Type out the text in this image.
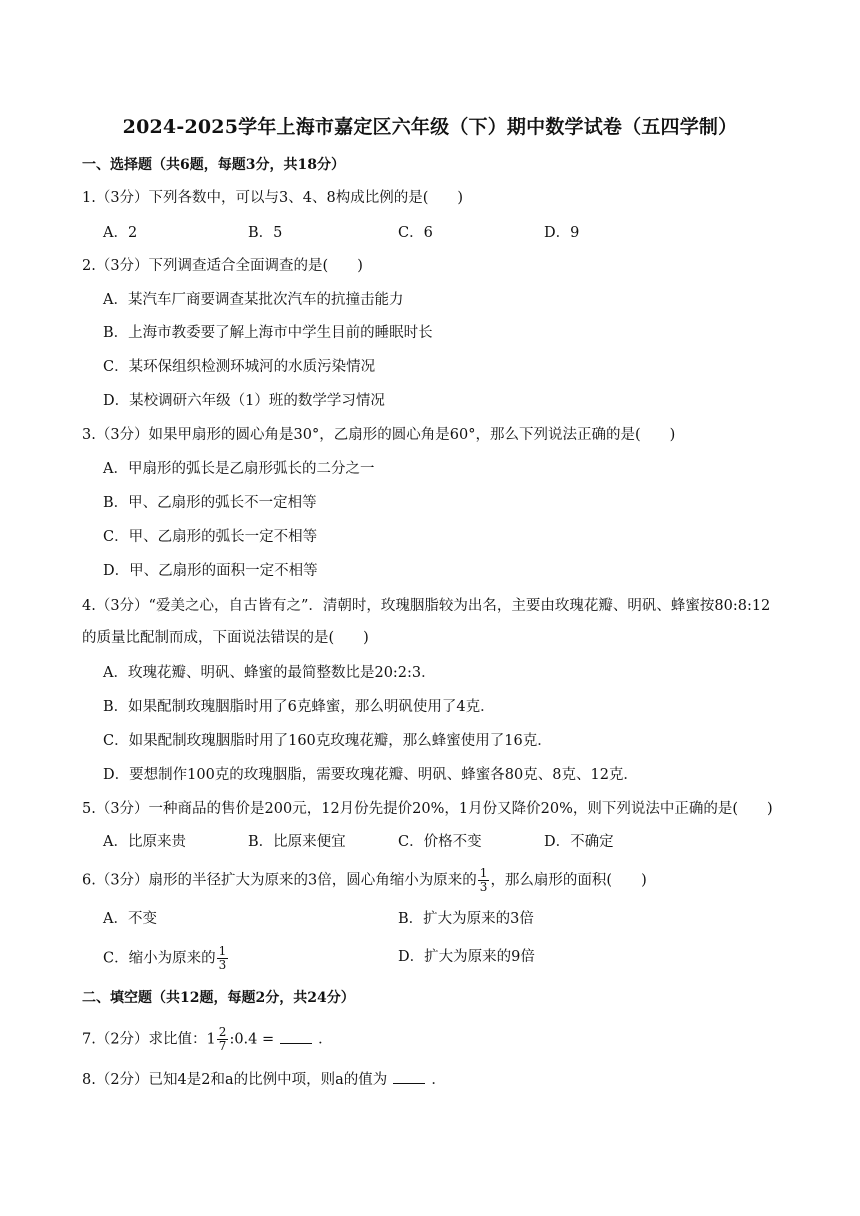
2024-2025学年上海市嘉定区六年级（下）期中数学试卷（五四学制）
一、选择题（共6题，每题3分，共18分）
1.（3分）下列各数中，可以与3、4、8构成比例的是(　　)
A．2	B．5	C．6	D．9
2.（3分）下列调查适合全面调查的是(　　)
A．某汽车厂商要调查某批次汽车的抗撞击能力
B．上海市教委要了解上海市中学生目前的睡眠时长
C．某环保组织检测环城河的水质污染情况
D．某校调研六年级（1）班的数学学习情况
3.（3分）如果甲扇形的圆心角是30°，乙扇形的圆心角是60°，那么下列说法正确的是(　　)
A．甲扇形的弧长是乙扇形弧长的二分之一
B．甲、乙扇形的弧长不一定相等
C．甲、乙扇形的弧长一定不相等
D．甲、乙扇形的面积一定不相等
4.（3分）“爱美之心，自古皆有之”．清朝时，玫瑰胭脂较为出名，主要由玫瑰花瓣、明矾、蜂蜜按80:8:12
的质量比配制而成，下面说法错误的是(　　)
A．玫瑰花瓣、明矾、蜂蜜的最简整数比是20:2:3．
B．如果配制玫瑰胭脂时用了6克蜂蜜，那么明矾使用了4克．
C．如果配制玫瑰胭脂时用了160克玫瑰花瓣，那么蜂蜜使用了16克．
D．要想制作100克的玫瑰胭脂，需要玫瑰花瓣、明矾、蜂蜜各80克、8克、12克．
5.（3分）一种商品的售价是200元，12月份先提价20%，1月份又降价20%，则下列说法中正确的是(　　)
A．比原来贵	B．比原来便宜	C．价格不变	D．不确定
6.（3分）扇形的半径扩大为原来的3倍，圆心角缩小为原来的 $\frac{1}{3}$ ，那么扇形的面积(　　)
A．不变	B．扩大为原来的3倍
C．缩小为原来的 $\frac{1}{3}$	D．扩大为原来的9倍
二、填空题（共12题，每题2分，共24分）
7.（2分）求比值：$1 \frac{2}{7}$ :0.4 =	．
8.（2分）已知4是2和a的比例中项，则a的值为	．
